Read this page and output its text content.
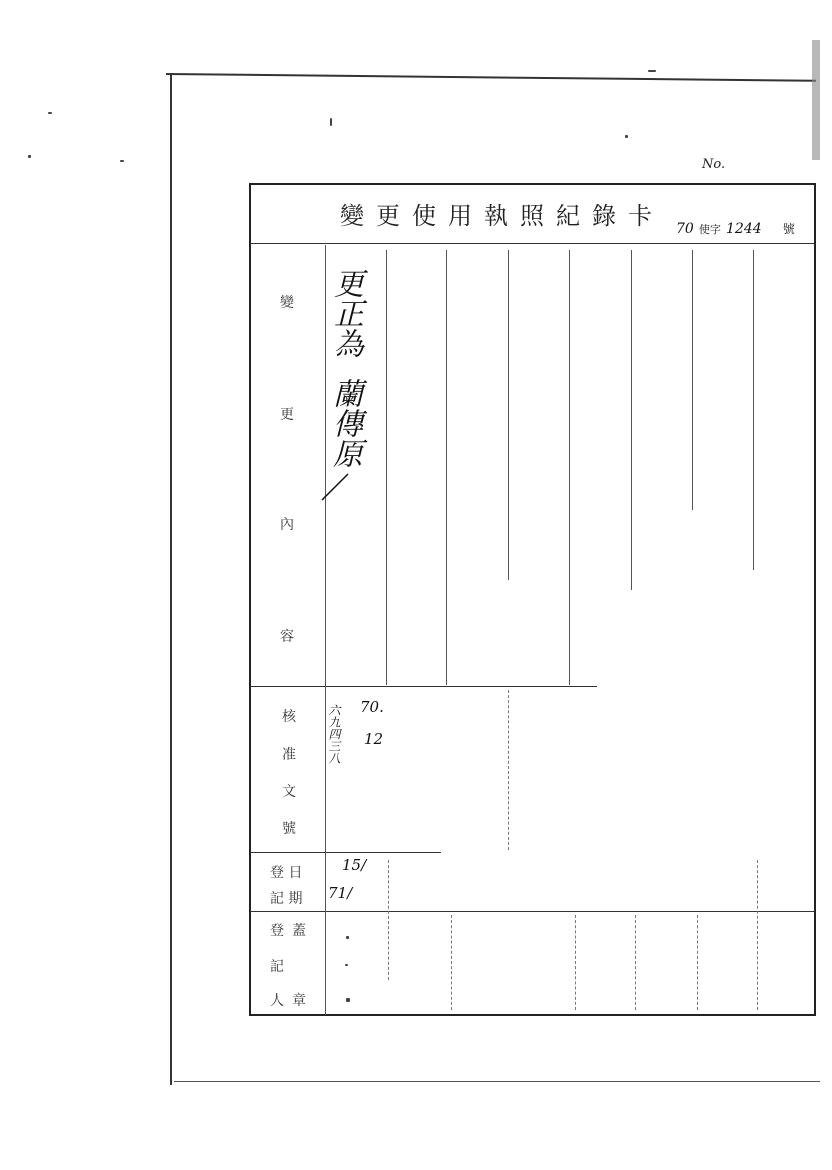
No.
變更使用執照紀錄卡 70 使字 1244 號
變
更
內
容
更正為
蘭傳原
核
准
文
號
70.
12
六九四三八
登 日
記 期
15/
71/
登 蓋
記
人 章
